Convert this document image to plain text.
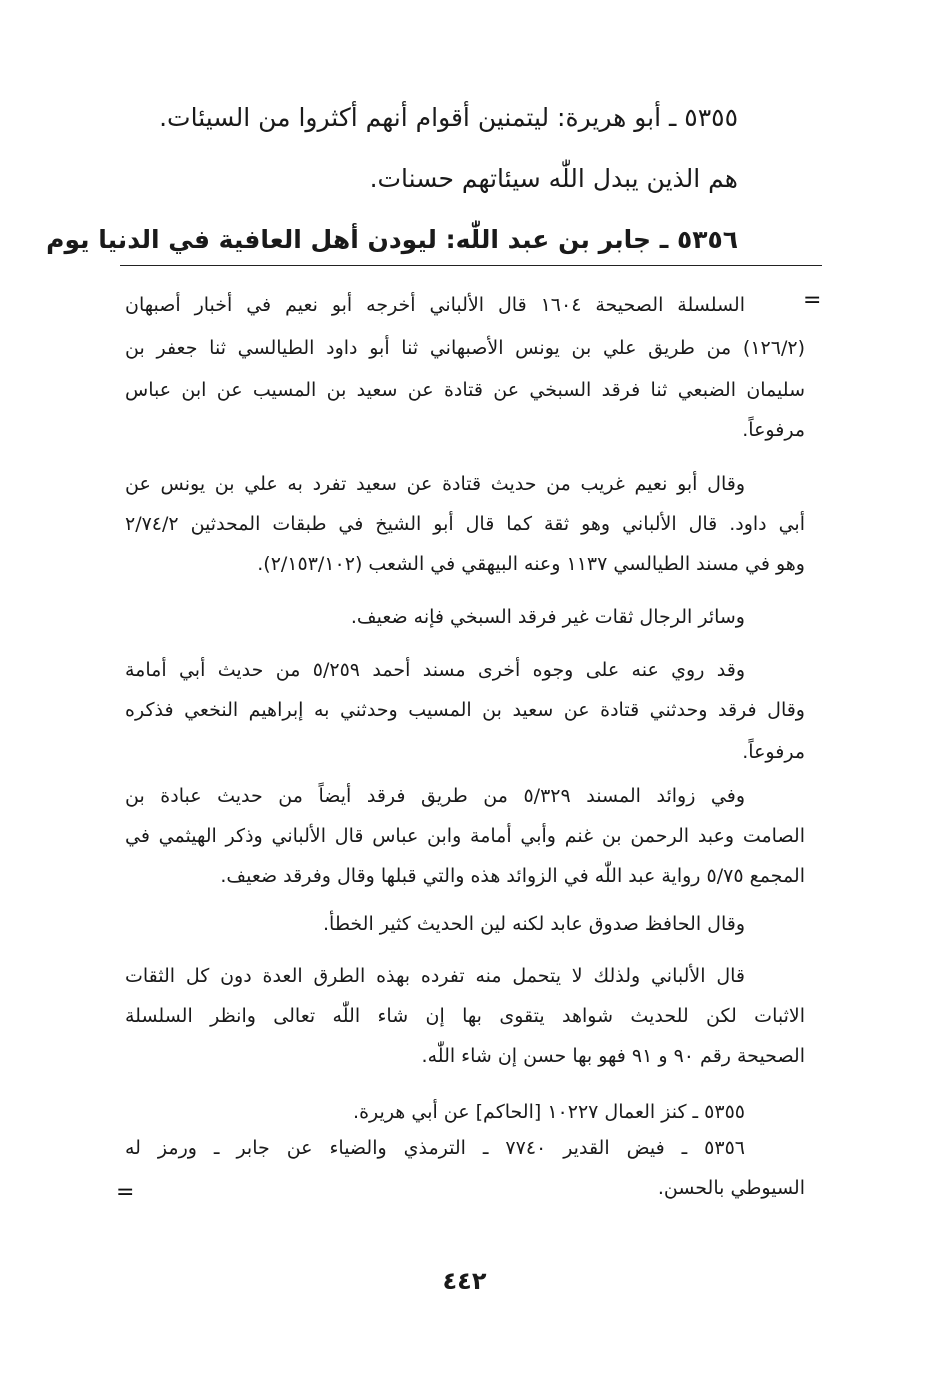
٥٣٥٥ ـ أبو هريرة: ليتمنين أقوام أنهم أكثروا من السيئات.
هم الذين يبدل اللّٰه سيئاتهم حسنات.
٥٣٥٦ ـ جابر بن عبد اللّٰه: ليودن أهل العافية في الدنيا يوم
=
السلسلة الصحيحة ١٦٠٤ قال الألباني أخرجه أبو نعيم في أخبار أصبهان
(١٢٦/٢) من طريق علي بن يونس الأصبهاني ثنا أبو داود الطيالسي ثنا جعفر بن
سليمان الضبعي ثنا فرقد السبخي عن قتادة عن سعيد بن المسيب عن ابن عباس
مرفوعاً.
وقال أبو نعيم غريب من حديث قتادة عن سعيد تفرد به علي بن يونس عن
أبي داود. قال الألباني وهو ثقة كما قال أبو الشيخ في طبقات المحدثين ٢/٧٤/٢
وهو في مسند الطيالسي ١١٣٧ وعنه البيهقي في الشعب (٢/١٥٣/١٠٢).
وسائر الرجال ثقات غير فرقد السبخي فإنه ضعيف.
وقد روي عنه على وجوه أخرى مسند أحمد ٥/٢٥٩ من حديث أبي أمامة
وقال فرقد وحدثني قتادة عن سعيد بن المسيب وحدثني به إبراهيم النخعي فذكره
مرفوعاً.
وفي زوائد المسند ٥/٣٢٩ من طريق فرقد أيضاً من حديث عبادة بن
الصامت وعبد الرحمن بن غنم وأبي أمامة وابن عباس قال الألباني وذكر الهيثمي في
المجمع ٥/٧٥ رواية عبد اللّٰه في الزوائد هذه والتي قبلها وقال وفرقد ضعيف.
وقال الحافظ صدوق عابد لكنه لين الحديث كثير الخطأ.
قال الألباني ولذلك لا يتحمل منه تفرده بهذه الطرق العدة دون كل الثقات
الاثبات لكن للحديث شواهد يتقوى بها إن شاء اللّٰه تعالى وانظر السلسلة
الصحيحة رقم ٩٠ و ٩١ فهو بها حسن إن شاء اللّٰه.
٥٣٥٥ ـ كنز العمال ١٠٢٢٧ [الحاكم] عن أبي هريرة.
٥٣٥٦ ـ فيض القدير ٧٧٤٠ ـ الترمذي والضياء عن جابر ـ ورمز له
السيوطي بالحسن.
=
٤٤٢
